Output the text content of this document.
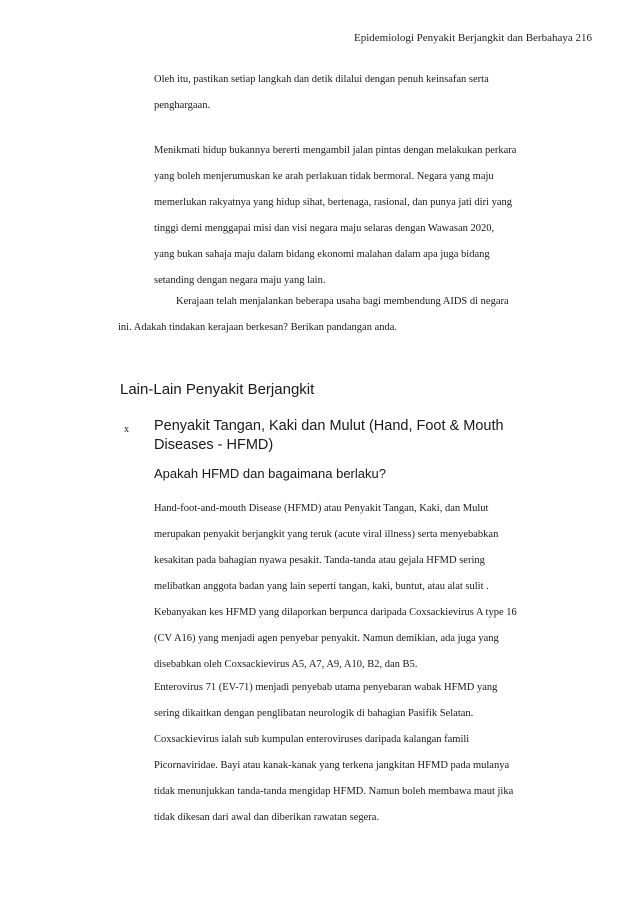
Epidemiologi Penyakit Berjangkit dan Berbahaya 216
Oleh itu, pastikan setiap langkah dan detik dilalui dengan penuh keinsafan serta
penghargaan.
Menikmati hidup bukannya bererti mengambil jalan pintas dengan melakukan perkara
yang boleh menjerumuskan ke arah perlakuan tidak bermoral. Negara yang maju
memerlukan rakyatnya yang hidup sihat, bertenaga, rasional, dan punya jati diri yang
tinggi demi menggapai misi dan visi negara maju selaras dengan Wawasan 2020,
yang bukan sahaja maju dalam bidang ekonomi malahan dalam apa juga bidang
setanding dengan negara maju yang lain.
Kerajaan telah menjalankan beberapa usaha bagi membendung AIDS di negara
ini. Adakah tindakan kerajaan berkesan? Berikan pandangan anda.
Lain-Lain Penyakit Berjangkit
x Penyakit Tangan, Kaki dan Mulut (Hand, Foot & Mouth
Diseases - HFMD)
Apakah HFMD dan bagaimana berlaku?
Hand-foot-and-mouth Disease (HFMD) atau Penyakit Tangan, Kaki, dan Mulut
merupakan penyakit berjangkit yang teruk (acute viral illness) serta menyebabkan
kesakitan pada bahagian nyawa pesakit. Tanda-tanda atau gejala HFMD sering
melibatkan anggota badan yang lain seperti tangan, kaki, buntut, atau alat sulit .
Kebanyakan kes HFMD yang dilaporkan berpunca daripada Coxsackievirus A type 16
(CV A16) yang menjadi agen penyebar penyakit. Namun demikian, ada juga yang
disebabkan oleh Coxsackievirus A5, A7, A9, A10, B2, dan B5.
Enterovirus 71 (EV-71) menjadi penyebab utama penyebaran wabak HFMD yang
sering dikaitkan dengan penglibatan neurologik di bahagian Pasifik Selatan.
Coxsackievirus ialah sub kumpulan enteroviruses daripada kalangan famili
Picornaviridae. Bayi atau kanak-kanak yang terkena jangkitan HFMD pada mulanya
tidak menunjukkan tanda-tanda mengidap HFMD. Namun boleh membawa maut jika
tidak dikesan dari awal dan diberikan rawatan segera.
